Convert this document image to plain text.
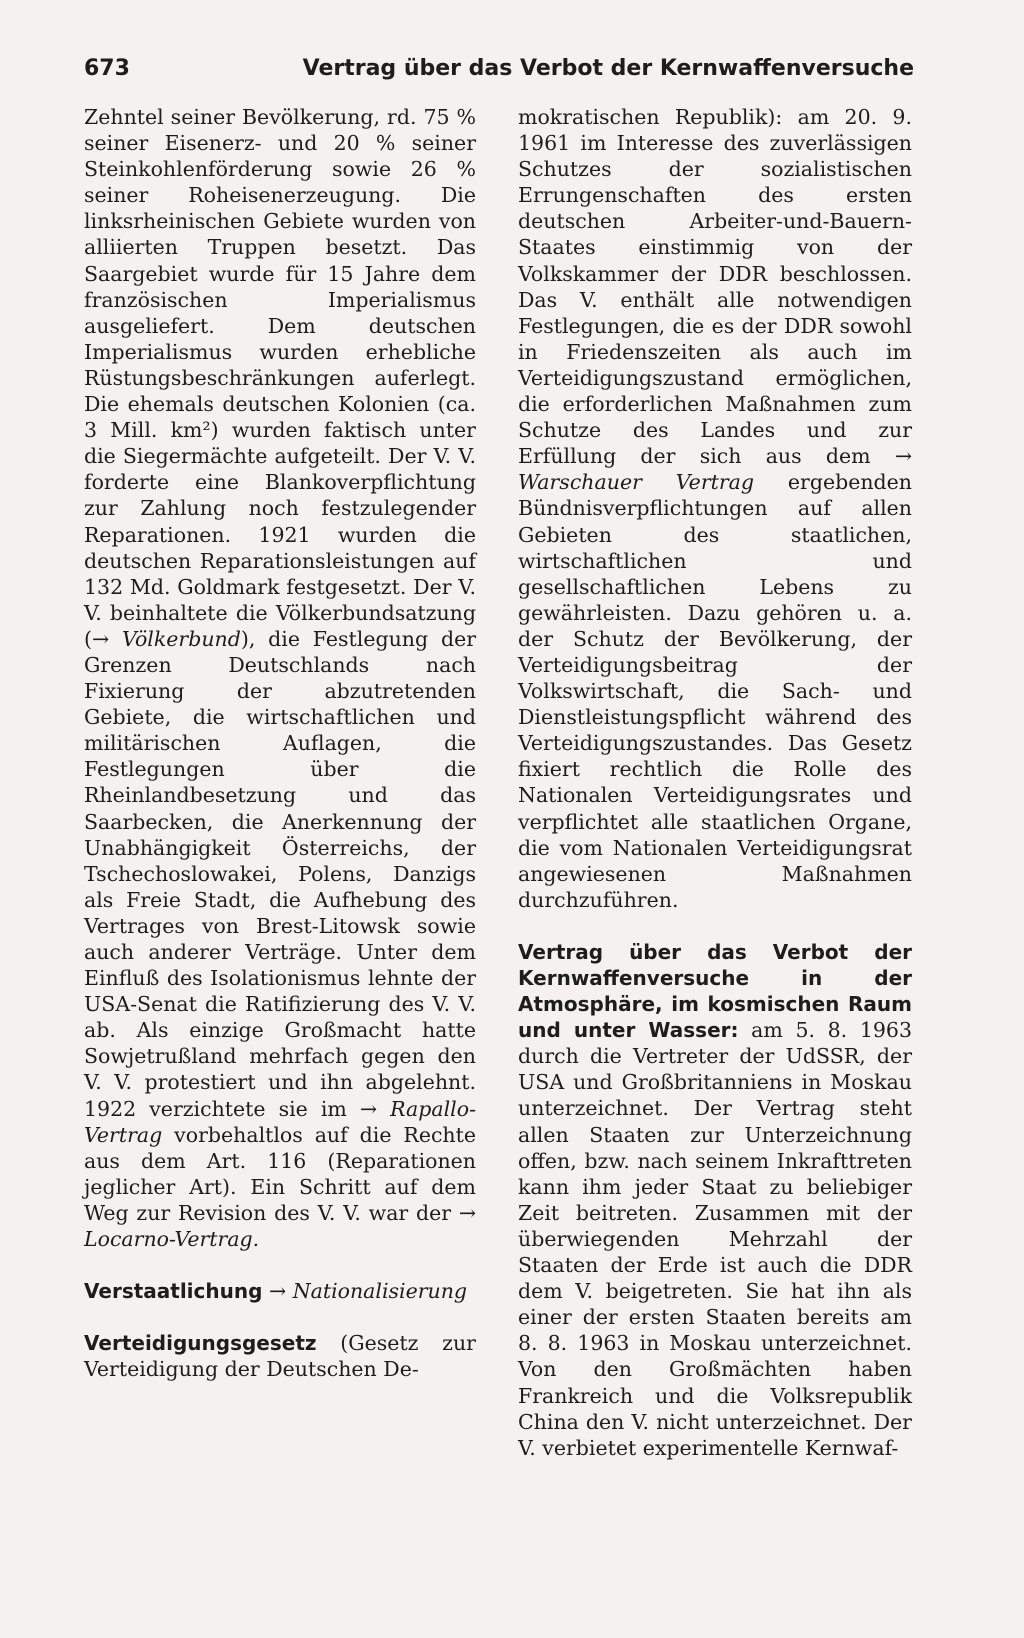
673	Vertrag über das Verbot der Kernwaffenversuche

Zehntel seiner Bevölkerung, rd. 75 % seiner Eisenerz- und 20 % seiner Steinkohlenförderung sowie 26 % seiner Roheisenerzeugung. Die linksrheinischen Gebiete wurden von alliierten Truppen besetzt. Das Saargebiet wurde für 15 Jahre dem französischen Imperialismus ausgeliefert. Dem deutschen Imperialismus wurden erhebliche Rüstungsbeschränkungen auferlegt. Die ehemals deutschen Kolonien (ca. 3 Mill. km²) wurden faktisch unter die Siegermächte aufgeteilt. Der V. V. forderte eine Blankoverpflichtung zur Zahlung noch festzulegender Reparationen. 1921 wurden die deutschen Reparationsleistungen auf 132 Md. Goldmark festgesetzt. Der V. V. beinhaltete die Völkerbundsatzung (→ Völkerbund), die Festlegung der Grenzen Deutschlands nach Fixierung der abzutretenden Gebiete, die wirtschaftlichen und militärischen Auflagen, die Festlegungen über die Rheinlandbesetzung und das Saarbecken, die Anerkennung der Unabhängigkeit Österreichs, der Tschechoslowakei, Polens, Danzigs als Freie Stadt, die Aufhebung des Vertrages von Brest-Litowsk sowie auch anderer Verträge. Unter dem Einfluß des Isolationismus lehnte der USA-Senat die Ratifizierung des V. V. ab. Als einzige Großmacht hatte Sowjetrußland mehrfach gegen den V. V. protestiert und ihn abgelehnt. 1922 verzichtete sie im → Rapallo-Vertrag vorbehaltlos auf die Rechte aus dem Art. 116 (Reparationen jeglicher Art). Ein Schritt auf dem Weg zur Revision des V. V. war der → Locarno-Vertrag.

Verstaatlichung → Nationalisierung

Verteidigungsgesetz (Gesetz zur Verteidigung der Deutschen De-

mokratischen Republik): am 20. 9. 1961 im Interesse des zuverlässigen Schutzes der sozialistischen Errungenschaften des ersten deutschen Arbeiter-und-Bauern-Staates einstimmig von der Volkskammer der DDR beschlossen. Das V. enthält alle notwendigen Festlegungen, die es der DDR sowohl in Friedenszeiten als auch im Verteidigungszustand ermöglichen, die erforderlichen Maßnahmen zum Schutze des Landes und zur Erfüllung der sich aus dem → Warschauer Vertrag ergebenden Bündnisverpflichtungen auf allen Gebieten des staatlichen, wirtschaftlichen und gesellschaftlichen Lebens zu gewährleisten. Dazu gehören u. a. der Schutz der Bevölkerung, der Verteidigungsbeitrag der Volkswirtschaft, die Sach- und Dienstleistungspflicht während des Verteidigungszustandes. Das Gesetz fixiert rechtlich die Rolle des Nationalen Verteidigungsrates und verpflichtet alle staatlichen Organe, die vom Nationalen Verteidigungsrat angewiesenen Maßnahmen durchzuführen.

Vertrag über das Verbot der Kernwaffenversuche in der Atmosphäre, im kosmischen Raum und unter Wasser: am 5. 8. 1963 durch die Vertreter der UdSSR, der USA und Großbritanniens in Moskau unterzeichnet. Der Vertrag steht allen Staaten zur Unterzeichnung offen, bzw. nach seinem Inkrafttreten kann ihm jeder Staat zu beliebiger Zeit beitreten. Zusammen mit der überwiegenden Mehrzahl der Staaten der Erde ist auch die DDR dem V. beigetreten. Sie hat ihn als einer der ersten Staaten bereits am 8. 8. 1963 in Moskau unterzeichnet. Von den Großmächten haben Frankreich und die Volksrepublik China den V. nicht unterzeichnet. Der V. verbietet experimentelle Kernwaf-
